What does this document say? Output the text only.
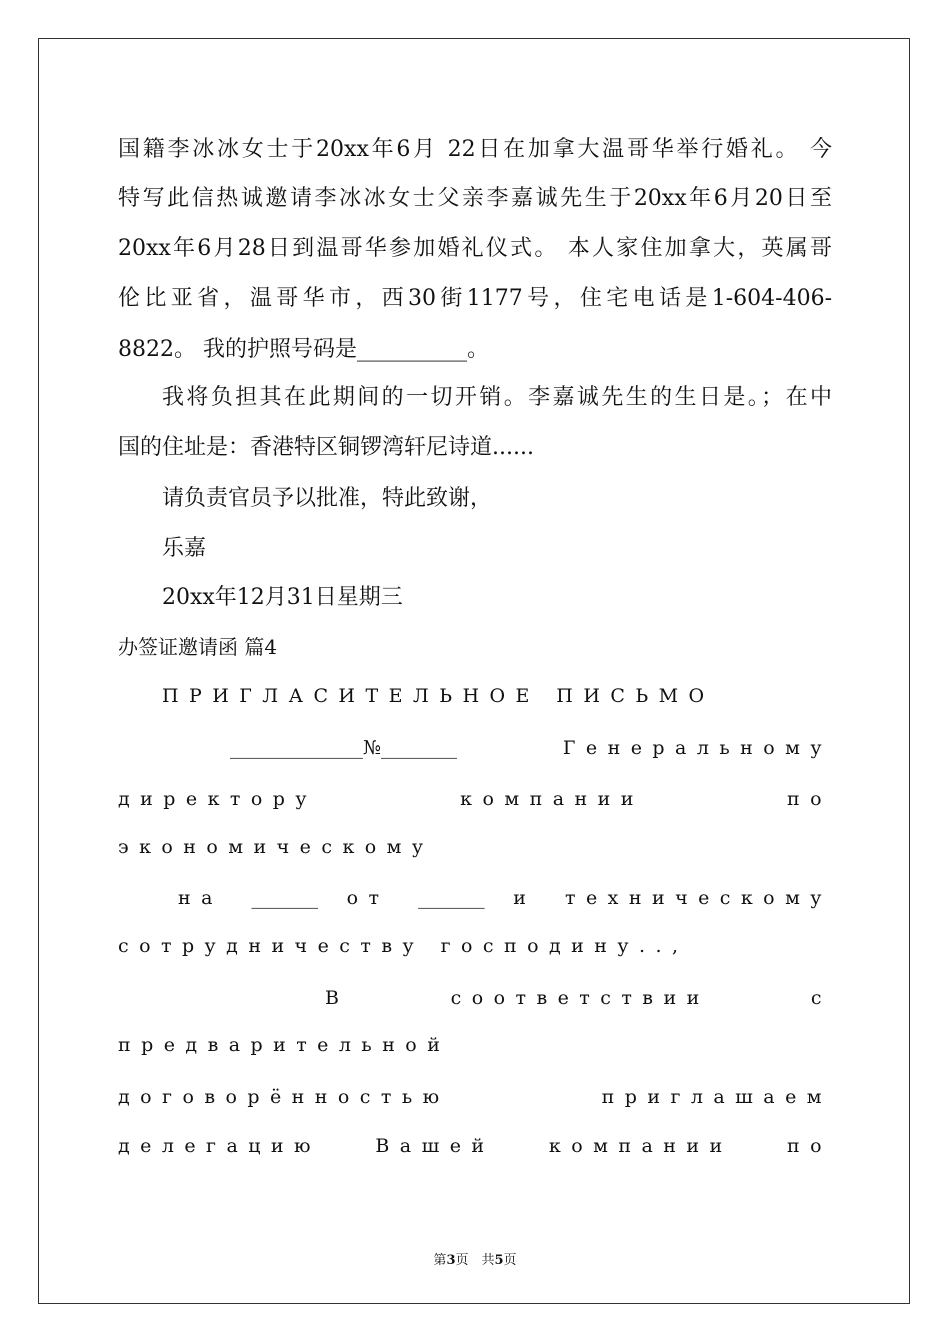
国籍李冰冰女士于20xx年6月 22日在加拿大温哥华举行婚礼。 今
特写此信热诚邀请李冰冰女士父亲李嘉诚先生于20xx年6月20日至
20xx年6月28日到温哥华参加婚礼仪式。 本人家住加拿大，英属哥
伦比亚省，温哥华市，西30街1177号，住宅电话是1-604-406-
8822。 我的护照号码是__________。
我将负担其在此期间的一切开销。李嘉诚先生的生日是。；在中
国的住址是：香港特区铜锣湾轩尼诗道......
请负责官员予以批准，特此致谢，
乐嘉
20xx年12月31日星期三
办签证邀请函 篇4
ПРИГЛАСИТЕЛЬНОЕ ПИСЬМО
______________№________	Генеральному
директору	компании	по
экономическому
на _______ от _______ и техническому
сотрудничеству господину..,
В	соответствии	с
предварительной
договорённостью	приглашаем
делегацию	Вашей	компании	по
第3页　共5页
